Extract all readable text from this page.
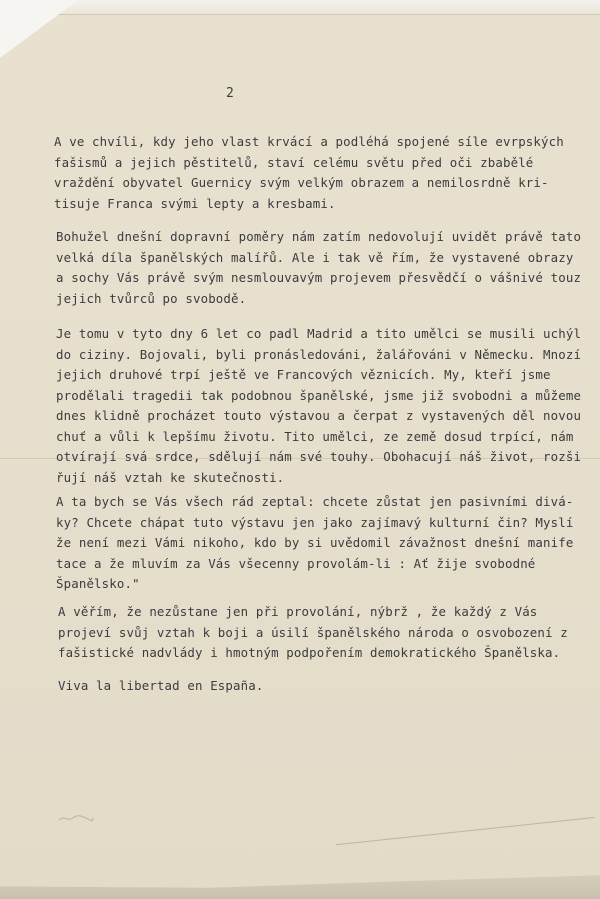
2

A ve chvíli, kdy jeho vlast krvácí a podléhá spojené síle evrpských
fašismů a jejich pěstitelů, staví celému světu před oči zbabělé
vraždění obyvatel Guernicy svým velkým obrazem a nemilosrdně kri-
tisuje Franca svými lepty a kresbami.
Bohužel dnešní dopravní poměry nám zatím nedovolují uvidět právě tato
velká díla španělských malířů. Ale i tak vě řím, že vystavené obrazy
a sochy Vás právě svým nesmlouvavým projevem přesvědčí o vášnivé touz
jejich tvůrců po svobodě.
Je tomu v tyto dny 6 let co padl Madrid a tito umělci se musili uchýl
do ciziny. Bojovali, byli pronásledováni, žalářováni v Německu. Mnozí
jejich druhové trpí ještě ve Francových věznicích. My, kteří jsme
prodělali tragedii tak podobnou španělské, jsme již svobodni a můžeme
dnes klidně procházet touto výstavou a čerpat z vystavených děl novou
chuť a vůli k lepšímu životu. Tito umělci, ze země dosud trpící, nám
otvírají svá srdce, sdělují nám své touhy. Obohacují náš život, rozši
řují náš vztah ke skutečnosti.
A ta bych se Vás všech rád zeptal: chcete zůstat jen pasivními divá-
ky? Chcete chápat tuto výstavu jen jako zajímavý kulturní čin? Myslí
že není mezi Vámi nikoho, kdo by si uvědomil závažnost dnešní manife
tace a že mluvím za Vás všecenny provolám-li : Ať žije svobodné
Španělsko."
A věřím, že nezůstane jen při provolání, nýbrž , že každý z Vás
projeví svůj vztah k boji a úsilí španělského národa o osvobození z
fašistické nadvlády i hmotným podpořením demokratického Španělska.
Viva la libertad en España.
